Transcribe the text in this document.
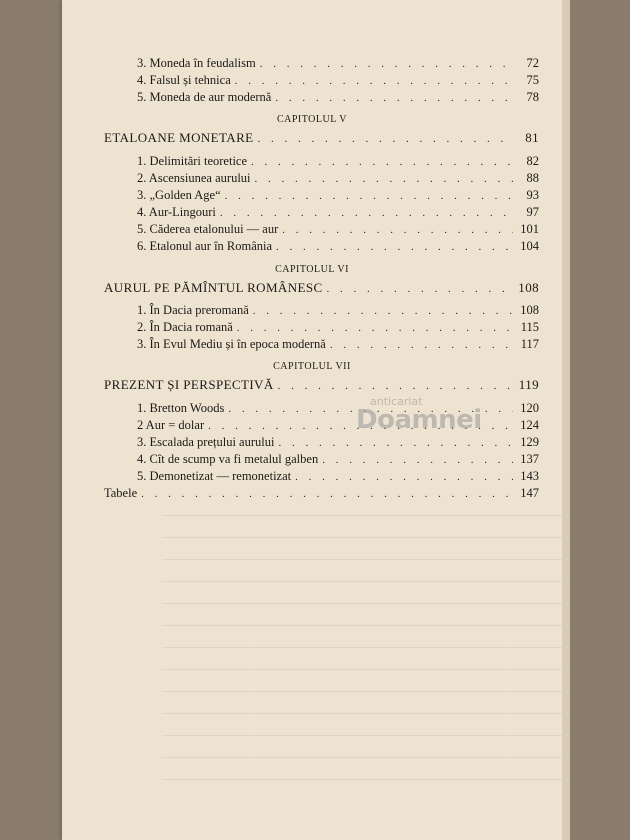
3. Moneda în feudalism . . .	72
4. Falsul și tehnica . . .	75
5. Moneda de aur modernă . . .	78
CAPITOLUL V
ETALOANE MONETARE . . .	81
1. Delimitări teoretice . . .	82
2. Ascensiunea aurului . . .	88
3. „Golden Age“ . . .	93
4. Aur-Lingouri . . .	97
5. Căderea etalonului — aur . . .	101
6. Etalonul aur în România . . .	104
CAPITOLUL VI
AURUL PE PĂMÎNTUL ROMÂNESC . . .	108
1. În Dacia preromană . . .	108
2. În Dacia romană . . .	115
3. În Evul Mediu și în epoca modernă . . .	117
CAPITOLUL VII
PREZENT ȘI PERSPECTIVĂ . . .	119
1. Bretton Woods . . .	120
2 Aur = dolar . . .	124
3. Escalada prețului aurului . . .	129
4. Cît de scump va fi metalul galben . . .	137
5. Demonetizat — remonetizat . . .	143
Tabele . . .	147
anticariat
Doamnei
